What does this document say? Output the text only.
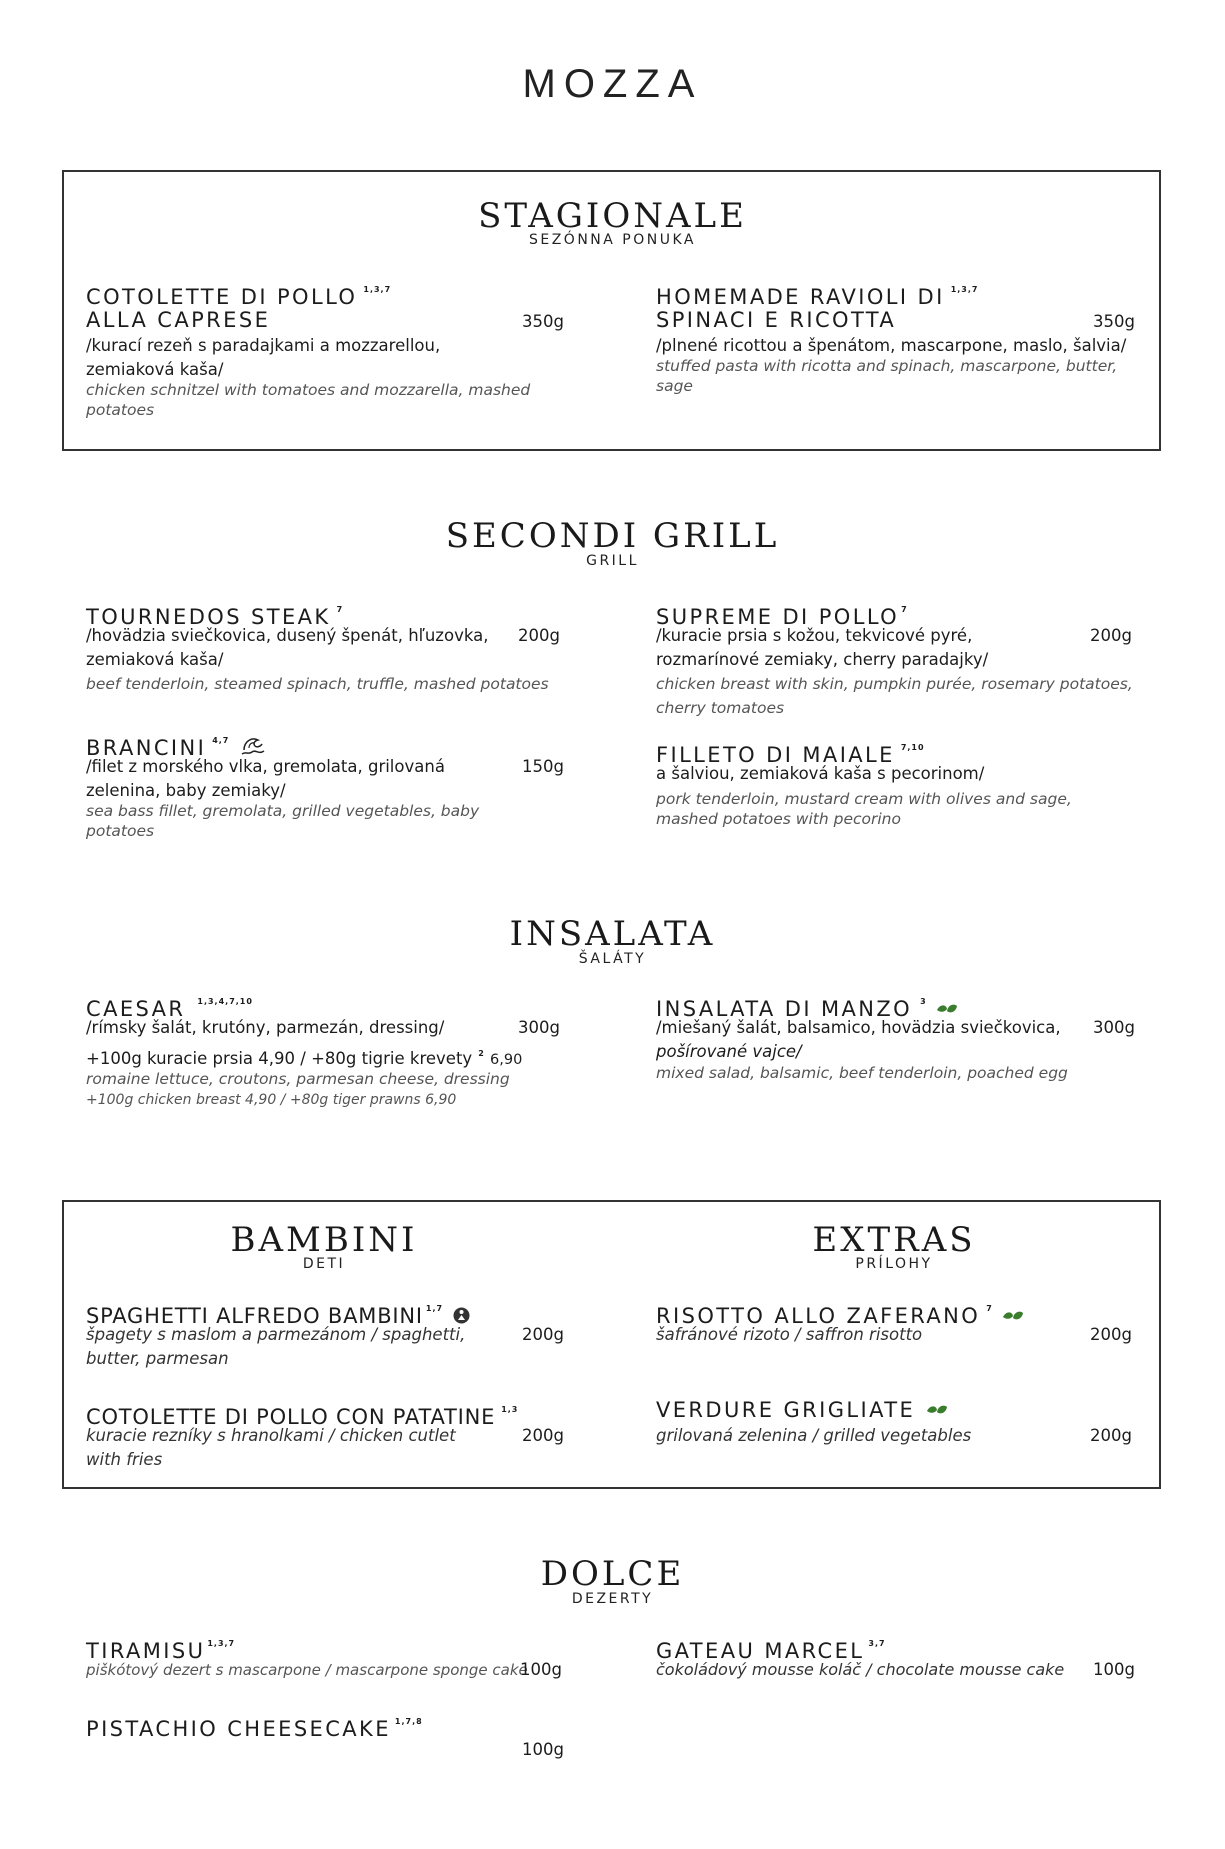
MOZZA
STAGIONALE
SEZÓNNA PONUKA
COTOLETTE DI POLLO $^{1,3,7}$
ALLA CAPRESE	350g
/kurací rezeň s paradajkami a mozzarellou, zemiaková kaša/
chicken schnitzel with tomatoes and mozzarella, mashed potatoes
HOMEMADE RAVIOLI DI $^{1,3,7}$
SPINACI E RICOTTA	350g
/plnené ricottou a špenátom, mascarpone, maslo, šalvia/
stuffed pasta with ricotta and spinach, mascarpone, butter, sage
SECONDI GRILL
GRILL
TOURNEDOS STEAK $^7$
200g
/hovädzia sviečkovica, dusený špenát, hľuzovka, zemiaková kaša/
beef tenderloin, steamed spinach, truffle, mashed potatoes
SUPREME DI POLLO $^7$
200g
/kuracie prsia s kožou, tekvicové pyré, rozmarínové zemiaky, cherry paradajky/
chicken breast with skin, pumpkin purée, rosemary potatoes, cherry tomatoes
BRANCINI $^{4,7}$
150g
/filet z morského vlka, gremolata, grilovaná zelenina, baby zemiaky/
sea bass fillet, gremolata, grilled vegetables, baby potatoes
FILLETO DI MAIALE $^{7,10}$
a šalviou, zemiaková kaša s pecorinom/
pork tenderloin, mustard cream with olives and sage, mashed potatoes with pecorino
INSALATA
ŠALÁTY
CAESAR $^{1,3,4,7,10}$
300g
/rímsky šalát, krutóny, parmezán, dressing/
+100g kuracie prsia 4,90 / +80g tigrie krevety $^2$ 6,90
romaine lettuce, croutons, parmesan cheese, dressing
+100g chicken breast 4,90 / +80g tiger prawns 6,90
INSALATA DI MANZO $^3$
300g
/miešaný šalát, balsamico, hovädzia sviečkovica,
pošírované vajce/
mixed salad, balsamic, beef tenderloin, poached egg
BAMBINI
DETI
EXTRAS
PRÍLOHY
SPAGHETTI ALFREDO BAMBINI $^{1,7}$
200g
špagety s maslom a parmezánom / spaghetti, butter, parmesan
COTOLETTE DI POLLO CON PATATINE $^{1,3}$
200g
kuracie rezníky s hranolkami / chicken cutlet with fries
RISOTTO ALLO ZAFERANO $^7$
200g
šafránové rizoto / saffron risotto
VERDURE GRIGLIATE
200g
grilovaná zelenina / grilled vegetables
DOLCE
DEZERTY
TIRAMISU $^{1,3,7}$
piškótový dezert s mascarpone / mascarpone sponge cake
100g
GATEAU MARCEL $^{3,7}$
čokoládový mousse koláč / chocolate mousse cake 100g
PISTACHIO CHEESECAKE $^{1,7,8}$
100g
